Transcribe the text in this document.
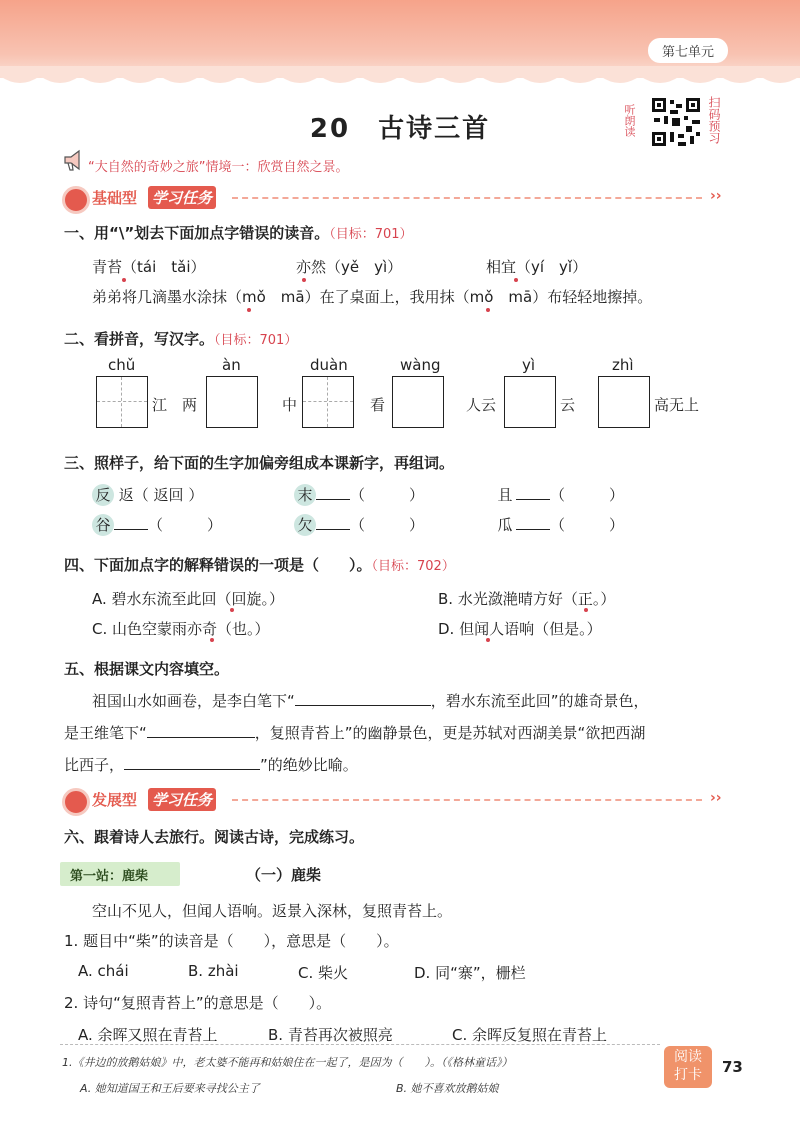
第七单元
20　古诗三首	听朗读	扫码预习
“大自然的奇妙之旅”情境一：欣赏自然之景。
基础型 学习任务	››
一、用“\”划去下面加点字错误的读音。（目标：701）
青苔（tái　tǎi）	亦然（yě　yì）	相宜（yí　yǐ）
弟弟将几滴墨水涂抹（mǒ　mā）在了桌面上，我用抹（mǒ　mā）布轻轻地擦掉。
二、看拼音，写汉字。（目标：701）
chǔ	àn	duàn	wàng	yì	zhì
江　两	中	看	人云	云	高无上
三、照样子，给下面的生字加偏旁组成本课新字，再组词。
反 返（ 返回 ）	末	（	）	且	（	）
谷	（	）	欠	（	）	瓜	（	）
四、下面加点字的解释错误的一项是（　　）。（目标：702）
A. 碧水东流至此回（回旋。）	B. 水光潋滟晴方好（正。）
C. 山色空蒙雨亦奇（也。）	D. 但闻人语响（但是。）
五、根据课文内容填空。
祖国山水如画卷，是李白笔下“	，碧水东流至此回”的雄奇景色，
是王维笔下“	，复照青苔上”的幽静景色，更是苏轼对西湖美景“欲把西湖
比西子，	”的绝妙比喻。
发展型 学习任务	››
六、跟着诗人去旅行。阅读古诗，完成练习。
第一站：鹿柴	（一）鹿柴
空山不见人，但闻人语响。返景入深林，复照青苔上。
1. 题目中“柴”的读音是（　　），意思是（　　）。
A. chái	B. zhài	C. 柴火	D. 同“寨”，栅栏
2. 诗句“复照青苔上”的意思是（　　）。
A. 余晖又照在青苔上	B. 青苔再次被照亮	C. 余晖反复照在青苔上
1.《井边的放鹅姑娘》中，老太婆不能再和姑娘住在一起了，是因为（　　）。（《格林童话》）
A. 她知道国王和王后要来寻找公主了	B. 她不喜欢放鹅姑娘
阅读
打卡	73
